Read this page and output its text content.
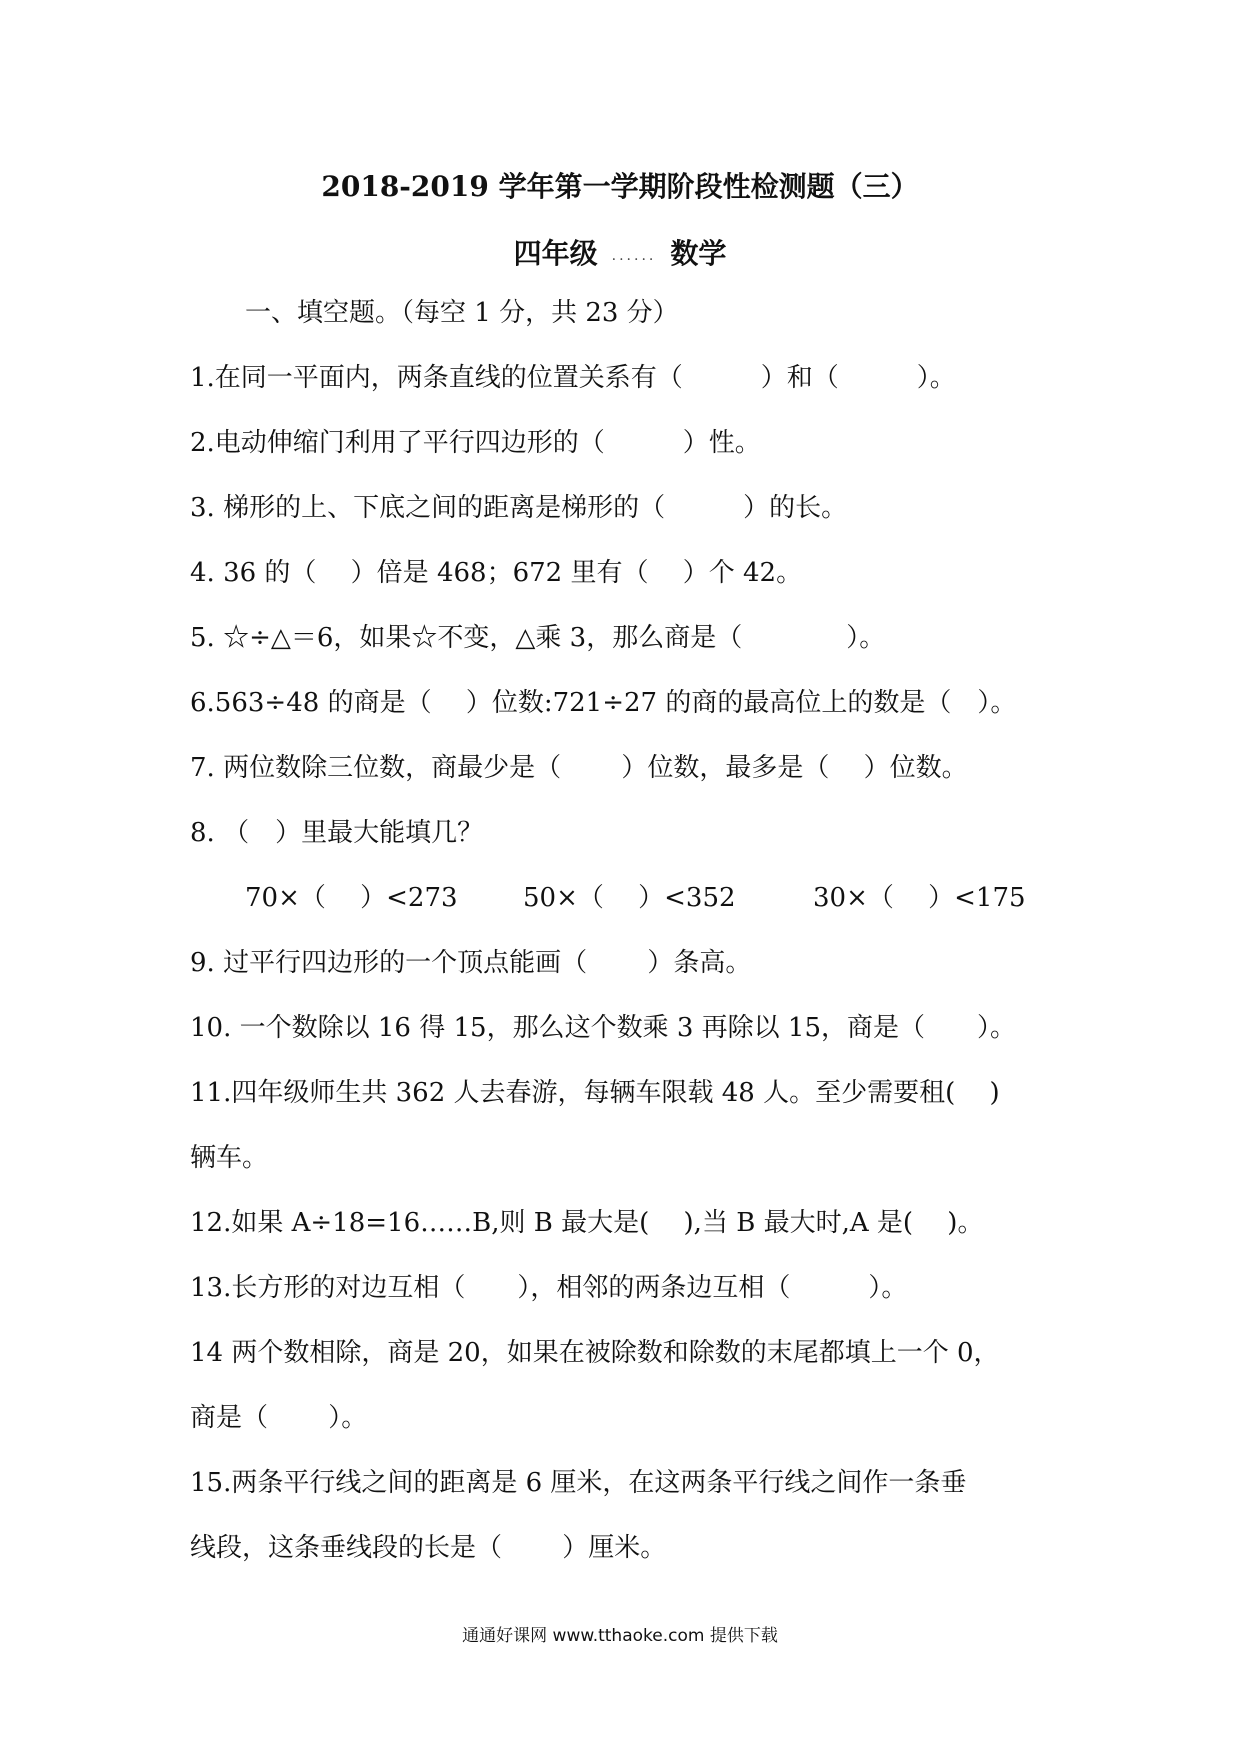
2018-2019 学年第一学期阶段性检测题（三）
四年级 ...... 数学
一、填空题。（每空 1 分，共 23 分）
1.在同一平面内，两条直线的位置关系有（　　　）和（　　　）。
2.电动伸缩门利用了平行四边形的（　　　）性。
3. 梯形的上、下底之间的距离是梯形的（　　　）的长。
4. 36 的（　 ）倍是 468；672 里有（　 ）个 42。
5. ☆÷△＝6，如果☆不变，△乘 3，那么商是（　　　　）。
6.563÷48 的商是（　 ）位数:721÷27 的商的最高位上的数是（　）。
7. 两位数除三位数，商最少是（　　 ）位数，最多是（　 ）位数。
8. （　）里最大能填几？
70×（　 ）<273	50×（　 ）<352	30×（　 ）<175
9. 过平行四边形的一个顶点能画（　　 ）条高。
10. 一个数除以 16 得 15，那么这个数乘 3 再除以 15，商是（　　）。
11.四年级师生共 362 人去春游，每辆车限载 48 人。至少需要租(　 )
辆车。
12.如果 A÷18=16……B,则 B 最大是(　 ),当 B 最大时,A 是(　 )。
13.长方形的对边互相（　　），相邻的两条边互相（　　　）。
14 两个数相除，商是 20，如果在被除数和除数的末尾都填上一个 0，
商是（　　 ）。
15.两条平行线之间的距离是 6 厘米，在这两条平行线之间作一条垂
线段，这条垂线段的长是（　　 ）厘米。
通通好课网 www.tthaoke.com 提供下载
